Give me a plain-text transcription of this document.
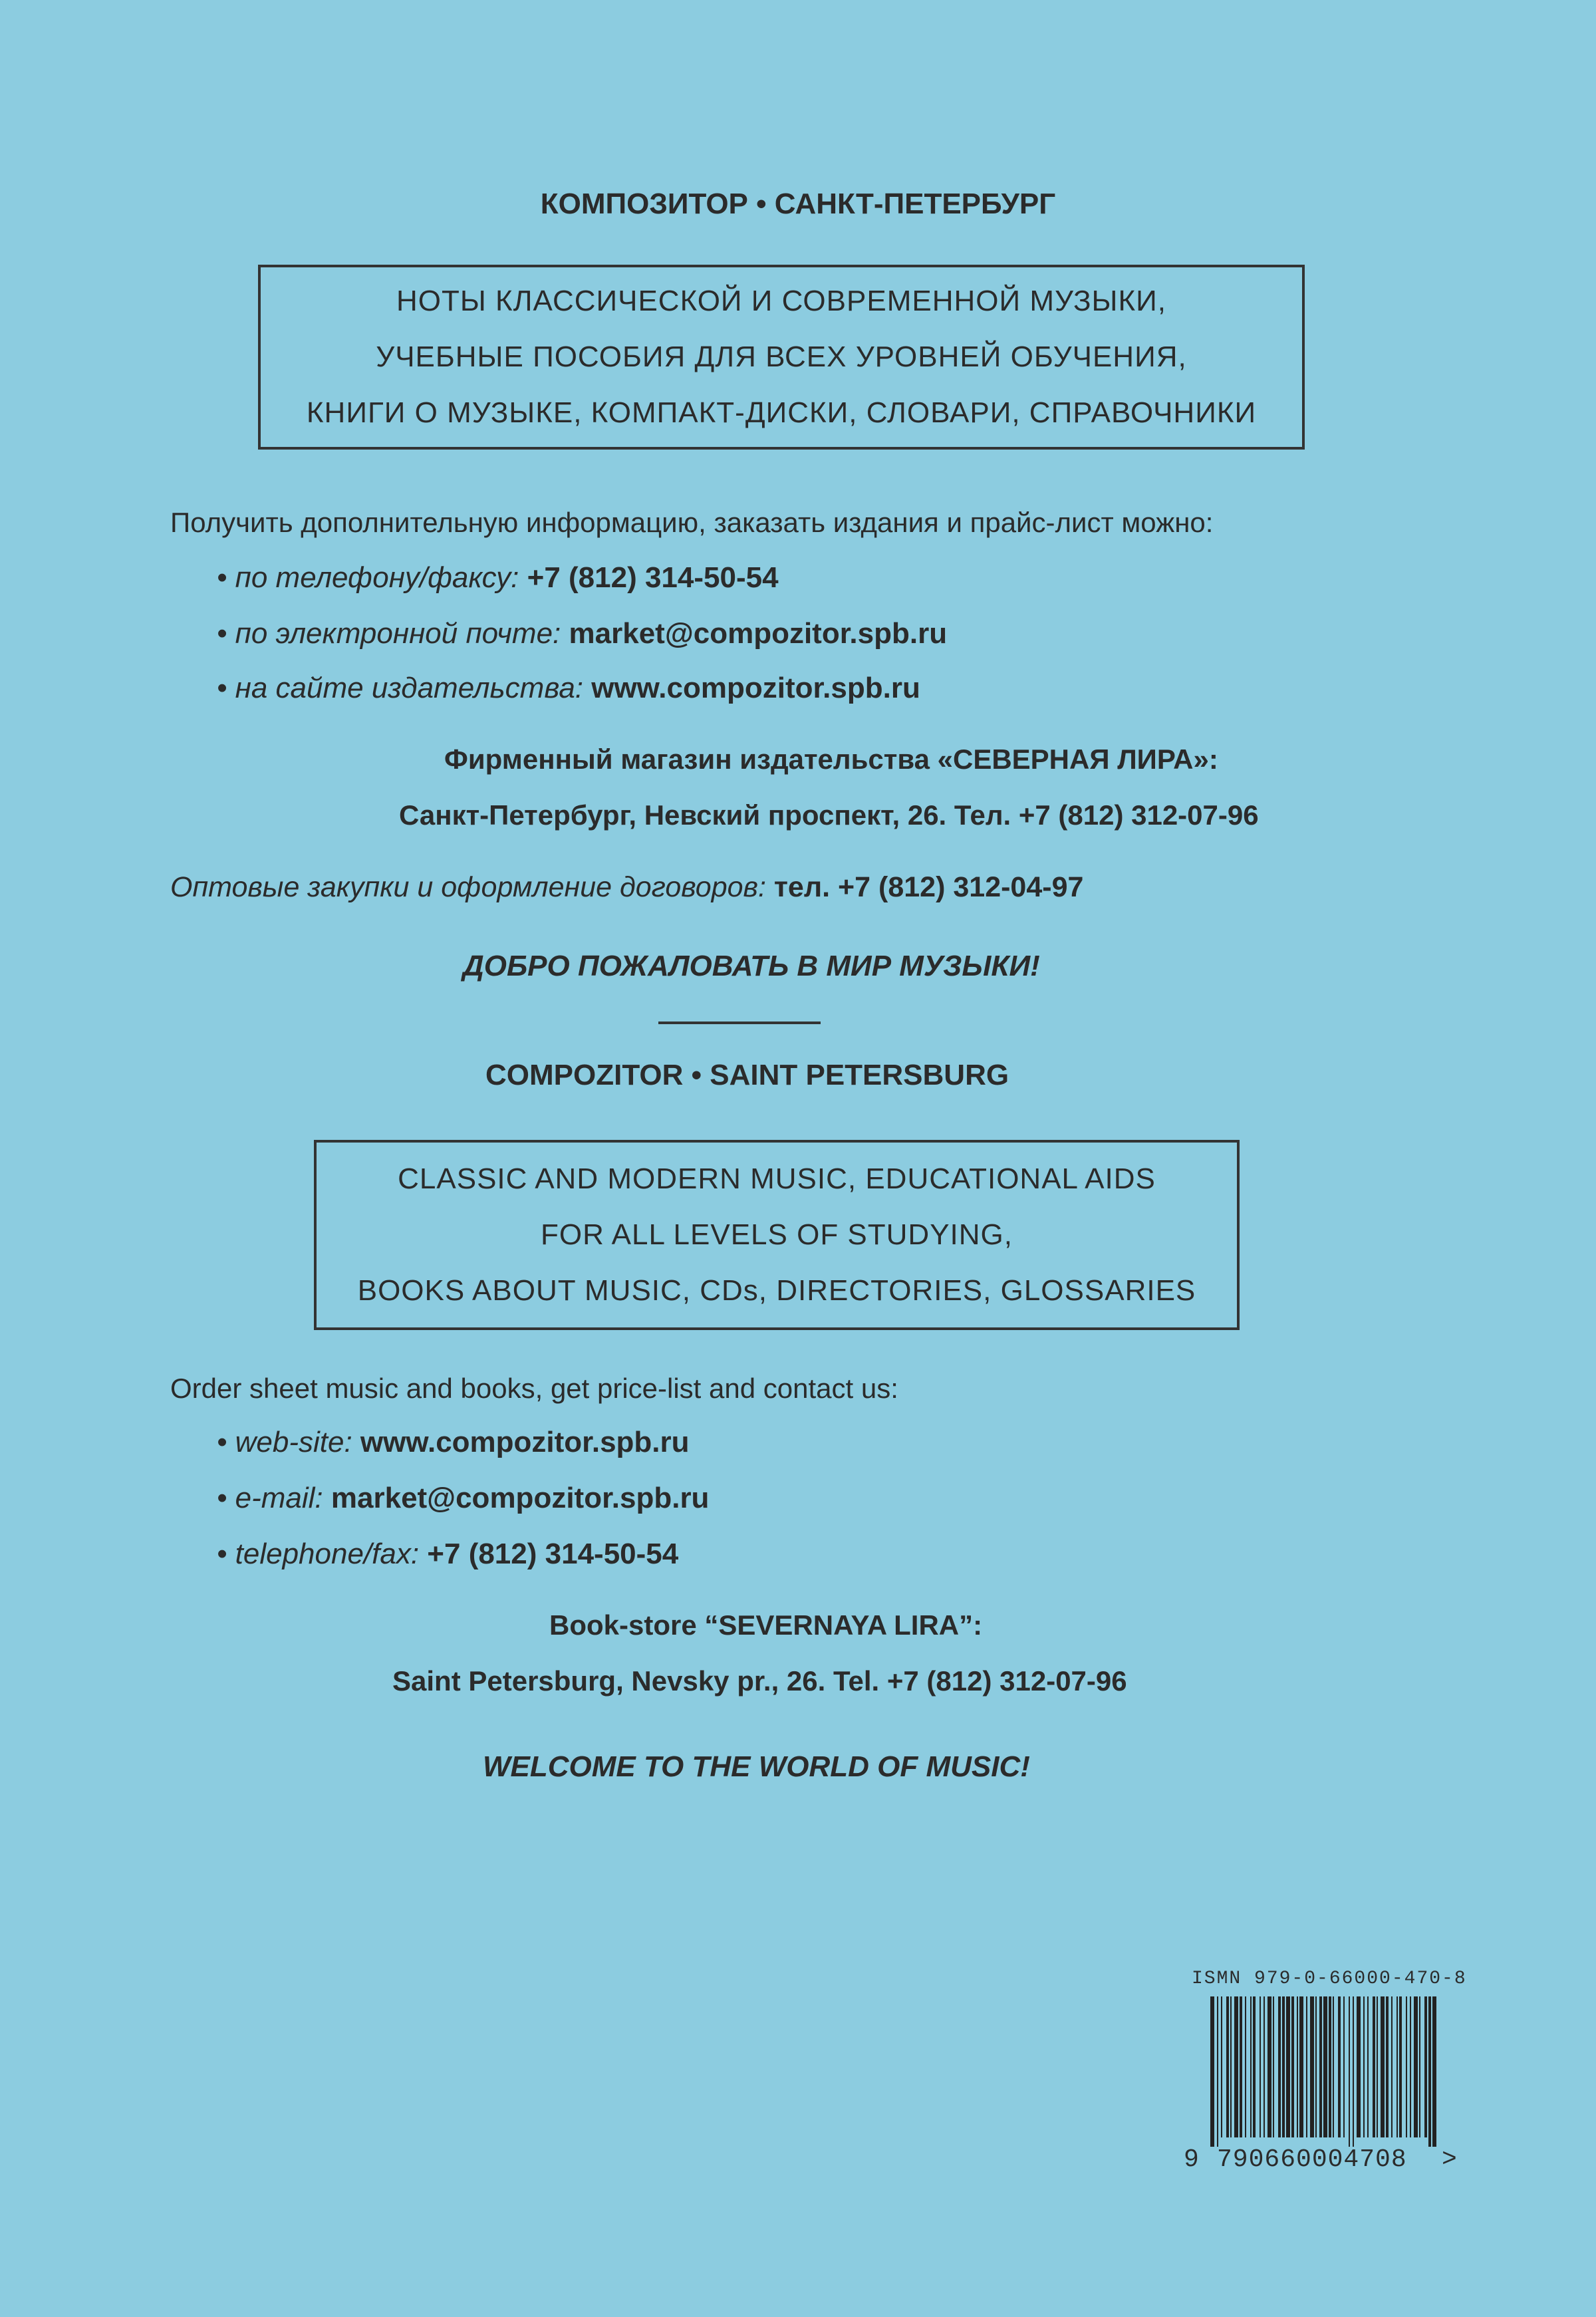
КОМПОЗИТОР • САНКТ-ПЕТЕРБУРГ
НОТЫ КЛАССИЧЕСКОЙ И СОВРЕМЕННОЙ МУЗЫКИ,
УЧЕБНЫЕ ПОСОБИЯ ДЛЯ ВСЕХ УРОВНЕЙ ОБУЧЕНИЯ,
КНИГИ О МУЗЫКЕ, КОМПАКТ-ДИСКИ, СЛОВАРИ, СПРАВОЧНИКИ
Получить дополнительную информацию, заказать издания и прайс-лист можно:
• по телефону/факсу: +7 (812) 314-50-54
• по электронной почте: market@compozitor.spb.ru
• на сайте издательства: www.compozitor.spb.ru
Фирменный магазин издательства «СЕВЕРНАЯ ЛИРА»:
Санкт-Петербург, Невский проспект, 26. Тел. +7 (812) 312-07-96
Оптовые закупки и оформление договоров: тел. +7 (812) 312-04-97
ДОБРО ПОЖАЛОВАТЬ В МИР МУЗЫКИ!
COMPOZITOR • SAINT PETERSBURG
CLASSIC AND MODERN MUSIC, EDUCATIONAL AIDS
FOR ALL LEVELS OF STUDYING,
BOOKS ABOUT MUSIC, CDs, DIRECTORIES, GLOSSARIES
Order sheet music and books, get price-list and contact us:
• web-site: www.compozitor.spb.ru
• e-mail: market@compozitor.spb.ru
• telephone/fax: +7 (812) 314-50-54
Book-store “SEVERNAYA LIRA”:
Saint Petersburg, Nevsky pr., 26. Tel. +7 (812) 312-07-96
WELCOME TO THE WORLD OF MUSIC!
ISMN 979-0-66000-470-8
9 790660004708 >
